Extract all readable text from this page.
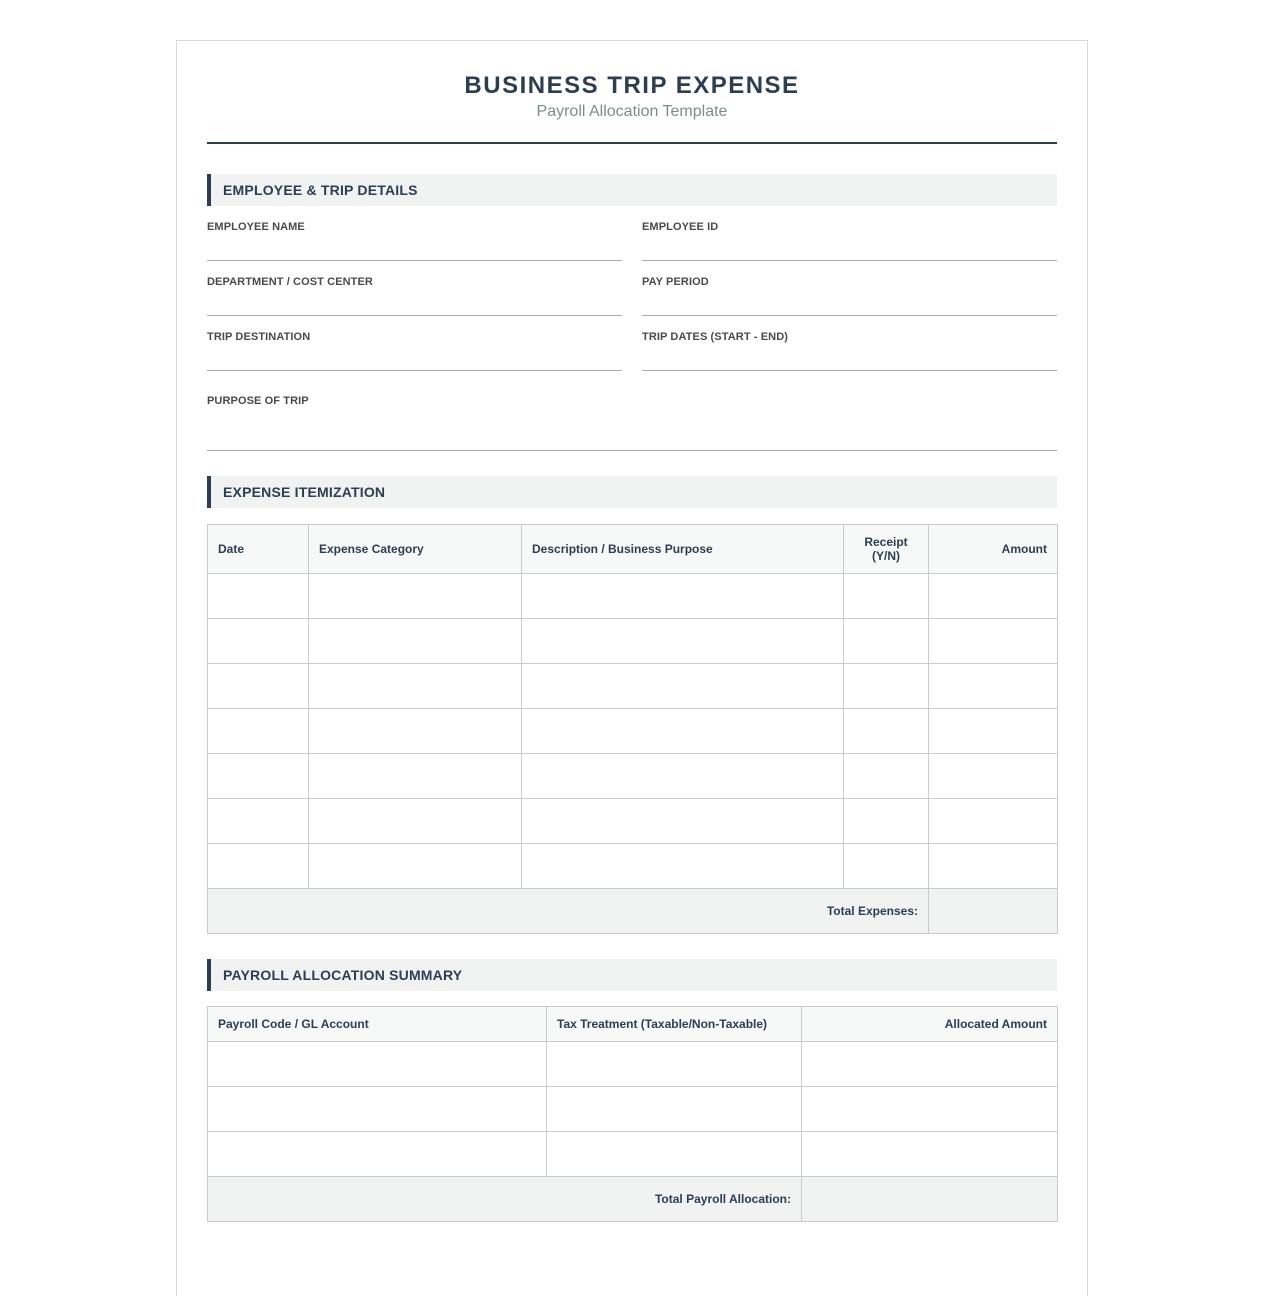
BUSINESS TRIP EXPENSE
Payroll Allocation Template
EMPLOYEE & TRIP DETAILS
EMPLOYEE NAME	EMPLOYEE ID
DEPARTMENT / COST CENTER	PAY PERIOD
TRIP DESTINATION	TRIP DATES (START - END)
PURPOSE OF TRIP
EXPENSE ITEMIZATION
Date	Expense Category	Description / Business Purpose	Receipt (Y/N)	Amount

Total Expenses:				
PAYROLL ALLOCATION SUMMARY
Payroll Code / GL Account	Tax Treatment (Taxable/Non-Taxable)	Allocated Amount

Total Payroll Allocation:		
